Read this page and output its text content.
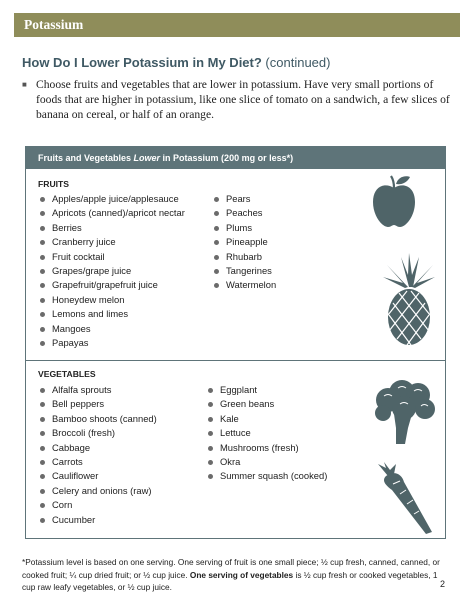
Potassium
How Do I Lower Potassium in My Diet? (continued)
■ Choose fruits and vegetables that are lower in potassium. Have very small portions of foods that are higher in potassium, like one slice of tomato on a sandwich, a few slices of banana on cereal, or half of an orange.
Fruits and Vegetables Lower in Potassium (200 mg or less*)
FRUITS
Apples/apple juice/applesauce
Apricots (canned)/apricot nectar
Berries
Cranberry juice
Fruit cocktail
Grapes/grape juice
Grapefruit/grapefruit juice
Honeydew melon
Lemons and limes
Mangoes
Papayas
Pears
Peaches
Plums
Pineapple
Rhubarb
Tangerines
Watermelon
VEGETABLES
Alfalfa sprouts
Bell peppers
Bamboo shoots (canned)
Broccoli (fresh)
Cabbage
Carrots
Cauliflower
Celery and onions (raw)
Corn
Cucumber
Eggplant
Green beans
Kale
Lettuce
Mushrooms (fresh)
Okra
Summer squash (cooked)
*Potassium level is based on one serving. One serving of fruit is one small piece; ½ cup fresh, canned, canned, or cooked fruit; ¼ cup dried fruit; or ½ cup juice. One serving of vegetables is ½ cup fresh or cooked vegetables, 1 cup raw leafy vegetables, or ½ cup juice.	2
